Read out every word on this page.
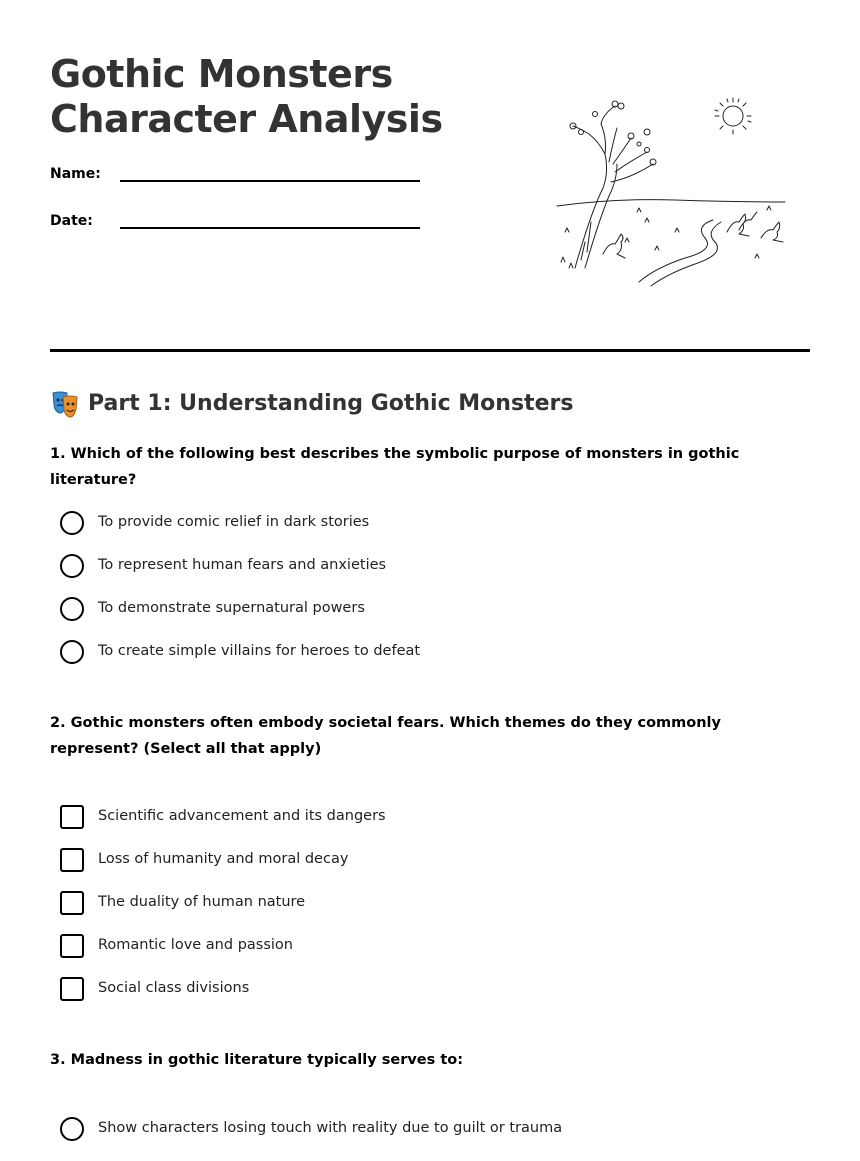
Gothic Monsters
Character Analysis
Name:
Date:
Part 1: Understanding Gothic Monsters

1. Which of the following best describes the symbolic purpose of monsters in gothic literature?

To provide comic relief in dark stories
To represent human fears and anxieties
To demonstrate supernatural powers
To create simple villains for heroes to defeat

2. Gothic monsters often embody societal fears. Which themes do they commonly represent? (Select all that apply)

Scientific advancement and its dangers
Loss of humanity and moral decay
The duality of human nature
Romantic love and passion
Social class divisions

3. Madness in gothic literature typically serves to:

Show characters losing touch with reality due to guilt or trauma
